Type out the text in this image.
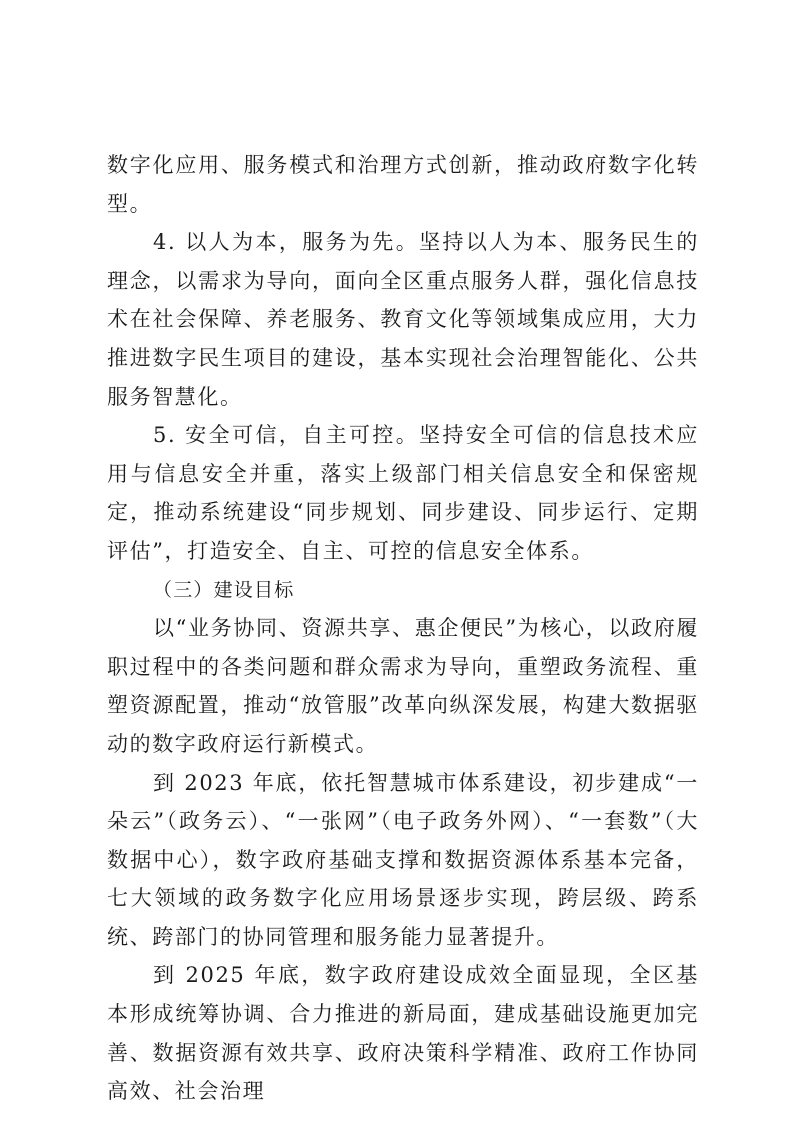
数字化应用、服务模式和治理方式创新，推动政府数字化转型。

4. 以人为本，服务为先。坚持以人为本、服务民生的理念，以需求为导向，面向全区重点服务人群，强化信息技术在社会保障、养老服务、教育文化等领域集成应用，大力推进数字民生项目的建设，基本实现社会治理智能化、公共服务智慧化。

5. 安全可信，自主可控。坚持安全可信的信息技术应用与信息安全并重，落实上级部门相关信息安全和保密规定，推动系统建设“同步规划、同步建设、同步运行、定期评估”，打造安全、自主、可控的信息安全体系。

（三）建设目标

以“业务协同、资源共享、惠企便民”为核心，以政府履职过程中的各类问题和群众需求为导向，重塑政务流程、重塑资源配置，推动“放管服”改革向纵深发展，构建大数据驱动的数字政府运行新模式。

到 2023 年底，依托智慧城市体系建设，初步建成“一朵云”（政务云）、“一张网”（电子政务外网）、“一套数”（大数据中心），数字政府基础支撑和数据资源体系基本完备，七大领域的政务数字化应用场景逐步实现，跨层级、跨系统、跨部门的协同管理和服务能力显著提升。

到 2025 年底，数字政府建设成效全面显现，全区基本形成统筹协调、合力推进的新局面，建成基础设施更加完善、数据资源有效共享、政府决策科学精准、政府工作协同高效、社会治理
